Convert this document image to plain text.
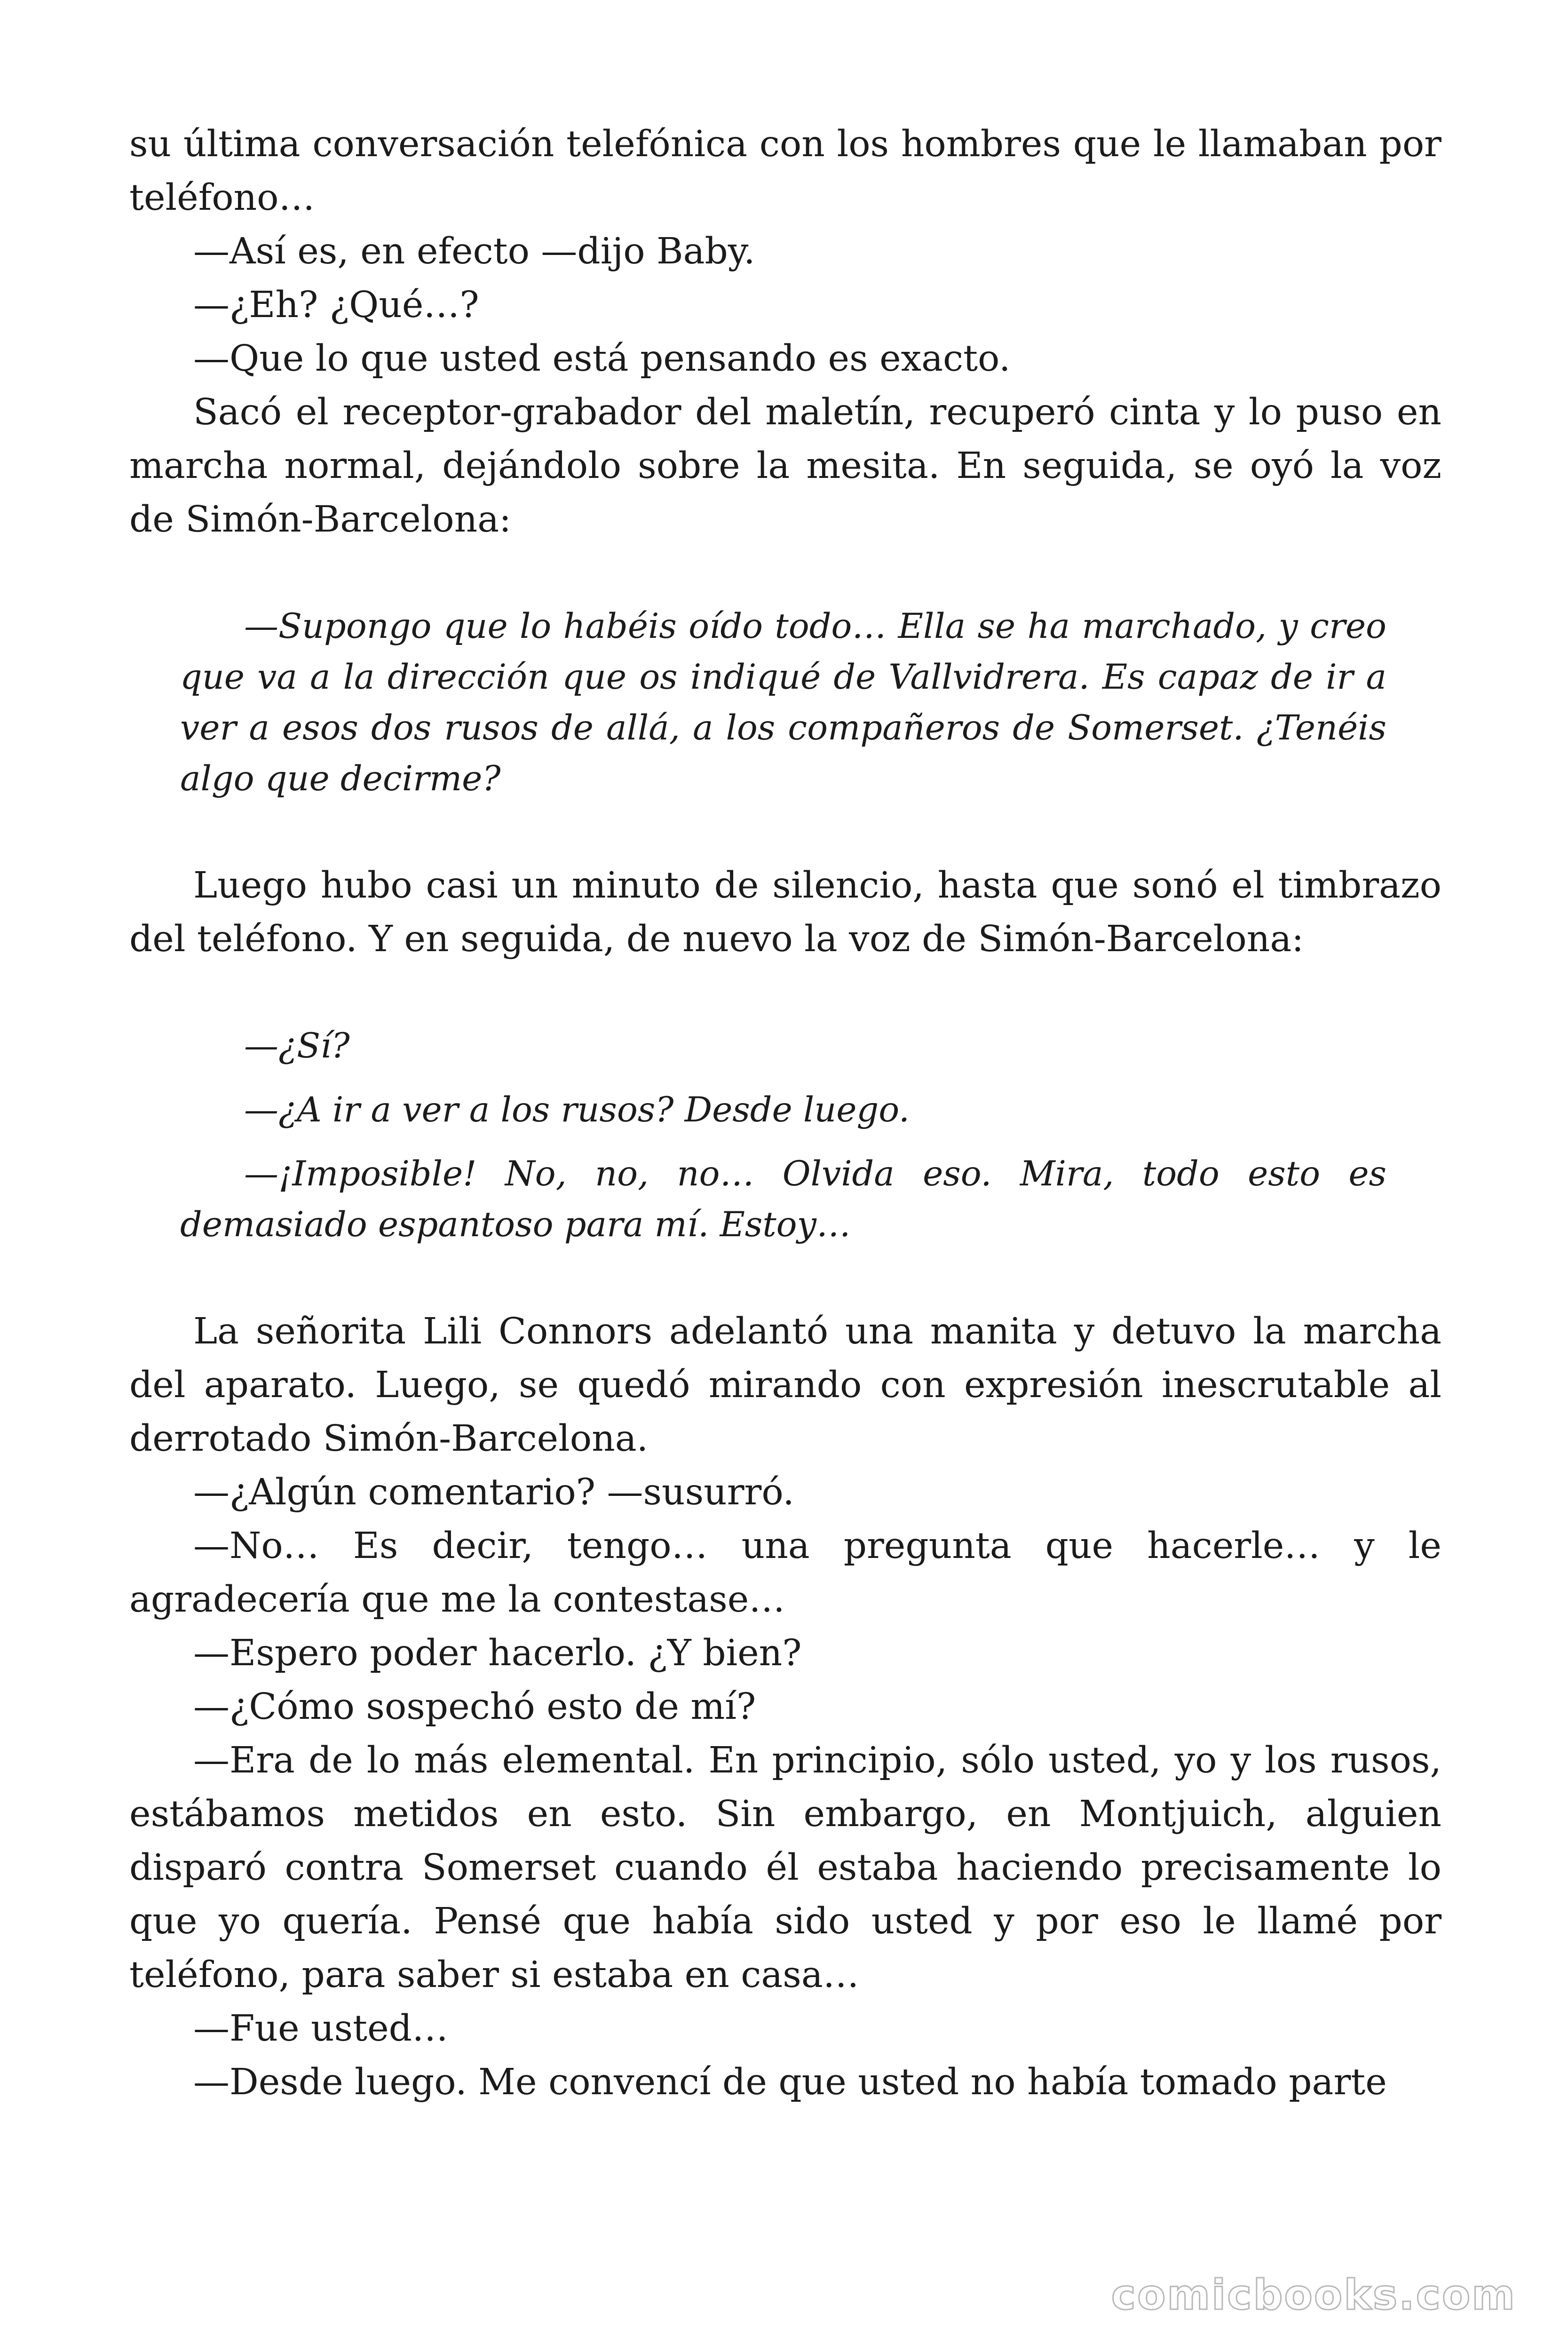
su última conversación telefónica con los hombres que le llamaban por teléfono…

—Así es, en efecto —dijo Baby.

—¿Eh? ¿Qué…?

—Que lo que usted está pensando es exacto.

Sacó el receptor-grabador del maletín, recuperó cinta y lo puso en marcha normal, dejándolo sobre la mesita. En seguida, se oyó la voz de Simón-Barcelona:

—Supongo que lo habéis oído todo… Ella se ha marchado, y creo que va a la dirección que os indiqué de Vallvidrera. Es capaz de ir a ver a esos dos rusos de allá, a los compañeros de Somerset. ¿Tenéis algo que decirme?

Luego hubo casi un minuto de silencio, hasta que sonó el timbrazo del teléfono. Y en seguida, de nuevo la voz de Simón-Barcelona:

—¿Sí?

—¿A ir a ver a los rusos? Desde luego.

—¡Imposible! No, no, no… Olvida eso. Mira, todo esto es demasiado espantoso para mí. Estoy…

La señorita Lili Connors adelantó una manita y detuvo la marcha del aparato. Luego, se quedó mirando con expresión inescrutable al derrotado Simón-Barcelona.

—¿Algún comentario? —susurró.

—No… Es decir, tengo… una pregunta que hacerle… y le agradecería que me la contestase…

—Espero poder hacerlo. ¿Y bien?

—¿Cómo sospechó esto de mí?

—Era de lo más elemental. En principio, sólo usted, yo y los rusos, estábamos metidos en esto. Sin embargo, en Montjuich, alguien disparó contra Somerset cuando él estaba haciendo precisamente lo que yo quería. Pensé que había sido usted y por eso le llamé por teléfono, para saber si estaba en casa…

—Fue usted…

—Desde luego. Me convencí de que usted no había tomado parte

comicbooks.com
